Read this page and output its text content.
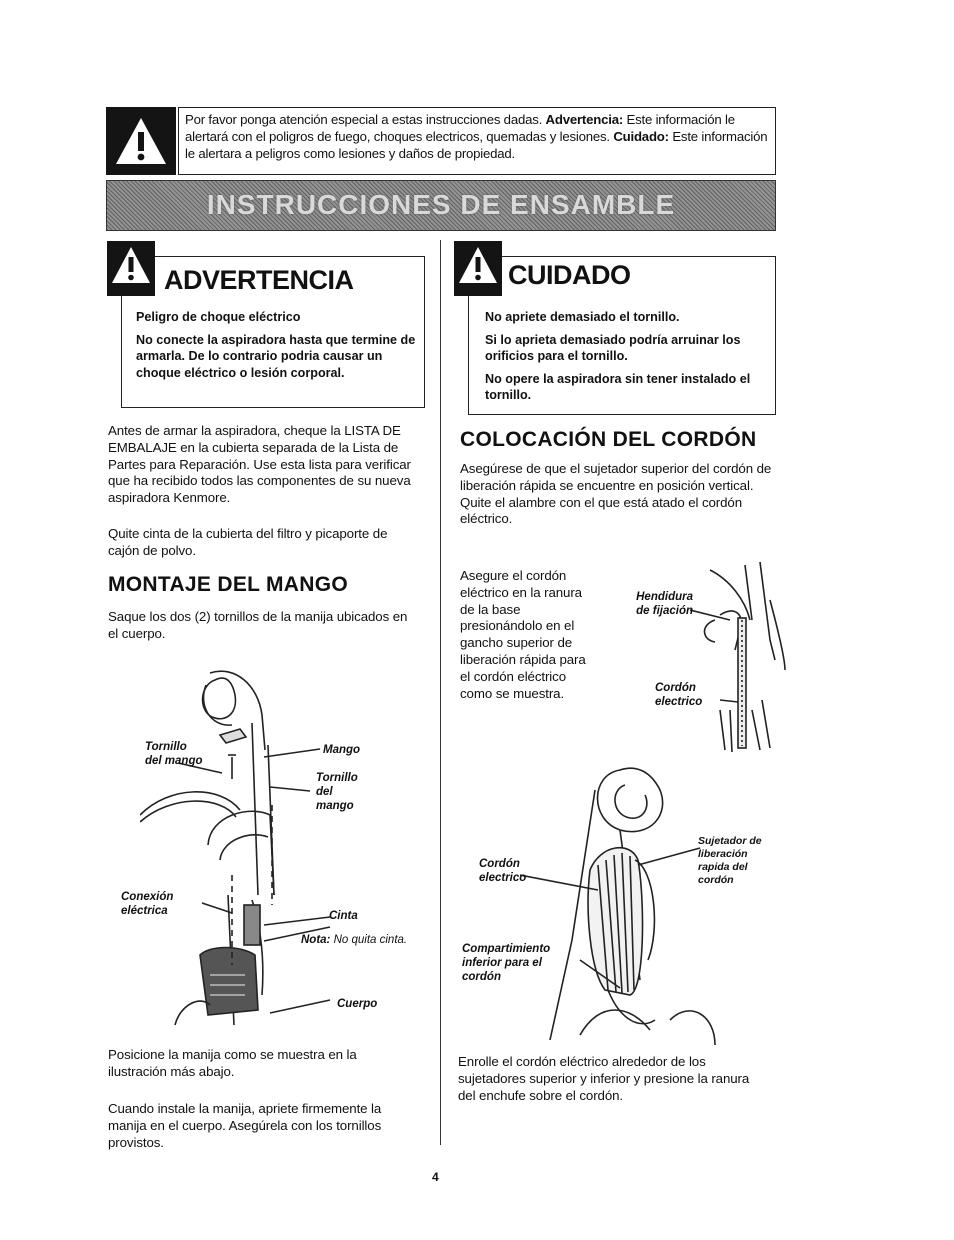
Por favor ponga atención especial a estas instrucciones dadas. Advertencia: Este información le alertará con el poligros de fuego, choques electricos, quemadas y lesiones. Cuidado: Este información le alertara a peligros como lesiones y daños de propiedad.
INSTRUCCIONES DE ENSAMBLE
ADVERTENCIA

Peligro de choque eléctrico

No conecte la aspiradora hasta que termine de armarla. De lo contrario podria causar un choque eléctrico o lesión corporal.

CUIDADO

No apriete demasiado el tornillo.

Si lo aprieta demasiado podría arruinar los orificios para el tornillo.

No opere la aspiradora sin tener instalado el tornillo.

Antes de armar la aspiradora, cheque la LISTA DE EMBALAJE en la cubierta separada de la Lista de Partes para Reparación. Use esta lista para verificar que ha recibido todos las componentes de su nueva aspiradora Kenmore.
Quite cinta de la cubierta del filtro y picaporte de cajón de polvo.
MONTAJE DEL MANGO
Saque los dos (2) tornillos de la manija ubicados en el cuerpo.
Tornillo del mango
Mango
Tornillo del mango
Conexión eléctrica	Cinta
Nota: No quita cinta.
Cuerpo
Posicione la manija como se muestra en la ilustración más abajo.
Cuando instale la manija, apriete firmemente la manija en el cuerpo. Asegúrela con los tornillos provistos.
COLOCACIÓN DEL CORDÓN
Asegúrese de que el sujetador superior del cordón de liberación rápida se encuentre en posición vertical. Quite el alambre con el que está atado el cordón eléctrico.
Asegure el cordón eléctrico en la ranura de la base presionándolo en el gancho superior de liberación rápida para el cordón eléctrico como se muestra.
Hendidura de fijación
Cordón electrico
Sujetador de liberación rapida del cordón
Cordón electrico
Compartimiento inferior para el cordón
Enrolle el cordón eléctrico alrededor de los sujetadores superior y inferior y presione la ranura del enchufe sobre el cordón.
4
